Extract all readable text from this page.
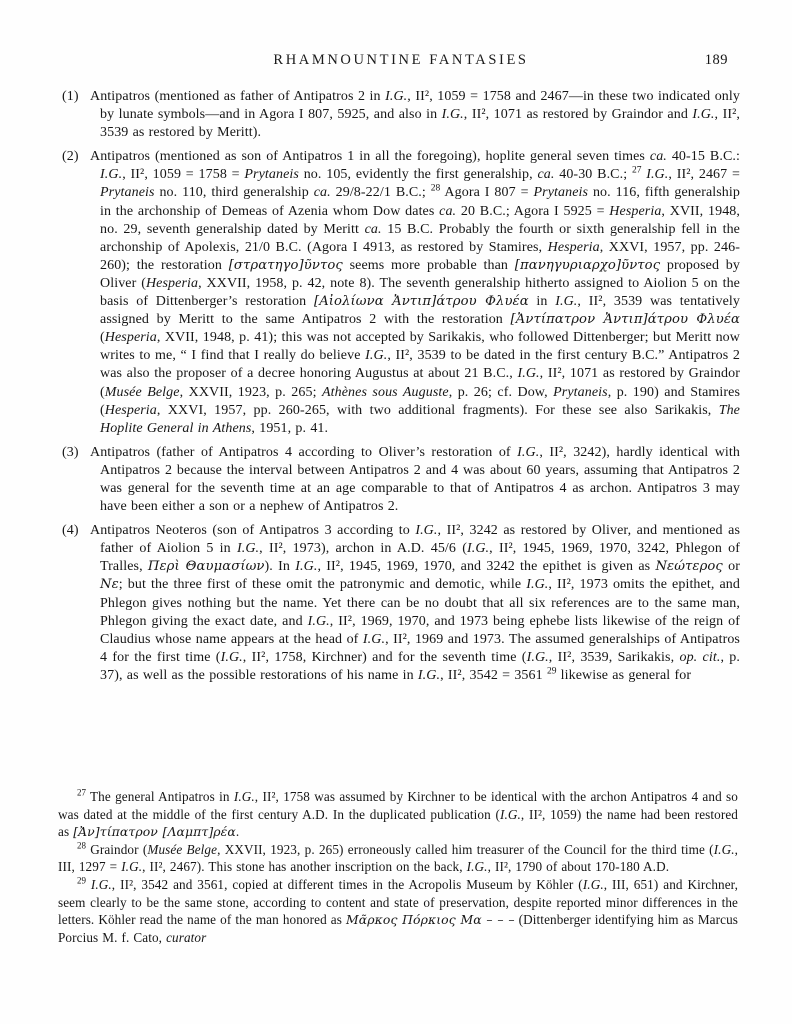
RHAMNOUNTINE FANTASIES	189
(1) Antipatros (mentioned as father of Antipatros 2 in I.G., II², 1059 = 1758 and 2467—in these two indicated only by lunate symbols—and in Agora I 807, 5925, and also in I.G., II², 1071 as restored by Graindor and I.G., II², 3539 as restored by Meritt).

(2) Antipatros (mentioned as son of Antipatros 1 in all the foregoing), hoplite general seven times ca. 40-15 B.C.: I.G., II², 1059 = 1758 = Prytaneis no. 105, evidently the first generalship, ca. 40-30 B.C.; $^{27}$ I.G., II², 2467 = Prytaneis no. 110, third generalship ca. 29/8-22/1 B.C.; $^{28}$ Agora I 807 = Prytaneis no. 116, fifth generalship in the archonship of Demeas of Azenia whom Dow dates ca. 20 B.C.; Agora I 5925 = Hesperia, XVII, 1948, no. 29, seventh generalship dated by Meritt ca. 15 B.C. Probably the fourth or sixth generalship fell in the archonship of Apolexis, 21/0 B.C. (Agora I 4913, as restored by Stamires, Hesperia, XXVI, 1957, pp. 246-260); the restoration [στρατηγο]ῦντος seems more probable than [πανηγυριαρχο]ῦντος proposed by Oliver (Hesperia, XXVII, 1958, p. 42, note 8). The seventh generalship hitherto assigned to Aiolion 5 on the basis of Dittenberger’s restoration [Αἰολίωνα Ἀντιπ]άτρου Φλυέα in I.G., II², 3539 was tentatively assigned by Meritt to the same Antipatros 2 with the restoration [Ἀντίπατρον Ἀντιπ]άτρου Φλυέα (Hesperia, XVII, 1948, p. 41); this was not accepted by Sarikakis, who followed Dittenberger; but Meritt now writes to me, “ I find that I really do believe I.G., II², 3539 to be dated in the first century B.C.” Antipatros 2 was also the proposer of a decree honoring Augustus at about 21 B.C., I.G., II², 1071 as restored by Graindor (Musée Belge, XXVII, 1923, p. 265; Athènes sous Auguste, p. 26; cf. Dow, Prytaneis, p. 190) and Stamires (Hesperia, XXVI, 1957, pp. 260-265, with two additional fragments). For these see also Sarikakis, The Hoplite General in Athens, 1951, p. 41.

(3) Antipatros (father of Antipatros 4 according to Oliver’s restoration of I.G., II², 3242), hardly identical with Antipatros 2 because the interval between Antipatros 2 and 4 was about 60 years, assuming that Antipatros 2 was general for the seventh time at an age comparable to that of Antipatros 4 as archon. Antipatros 3 may have been either a son or a nephew of Antipatros 2.

(4) Antipatros Neoteros (son of Antipatros 3 according to I.G., II², 3242 as restored by Oliver, and mentioned as father of Aiolion 5 in I.G., II², 1973), archon in A.D. 45/6 (I.G., II², 1945, 1969, 1970, 3242, Phlegon of Tralles, Περὶ Θαυμασίων). In I.G., II², 1945, 1969, 1970, and 3242 the epithet is given as Νεώτερος or Νε; but the three first of these omit the patronymic and demotic, while I.G., II², 1973 omits the epithet, and Phlegon gives nothing but the name. Yet there can be no doubt that all six references are to the same man, Phlegon giving the exact date, and I.G., II², 1969, 1970, and 1973 being ephebe lists likewise of the reign of Claudius whose name appears at the head of I.G., II², 1969 and 1973. The assumed generalships of Antipatros 4 for the first time (I.G., II², 1758, Kirchner) and for the seventh time (I.G., II², 3539, Sarikakis, op. cit., p. 37), as well as the possible restorations of his name in I.G., II², 3542 = 3561 $^{29}$ likewise as general for

$^{27}$ The general Antipatros in I.G., II², 1758 was assumed by Kirchner to be identical with the archon Antipatros 4 and so was dated at the middle of the first century A.D. In the duplicated publication (I.G., II², 1059) the name had been restored as [Ἀν]τίπατρον [Λαμπτ]ρέα.

$^{28}$ Graindor (Musée Belge, XXVII, 1923, p. 265) erroneously called him treasurer of the Council for the third time (I.G., III, 1297 = I.G., II², 2467). This stone has another inscription on the back, I.G., II², 1790 of about 170-180 A.D.

$^{29}$ I.G., II², 3542 and 3561, copied at different times in the Acropolis Museum by Köhler (I.G., III, 651) and Kirchner, seem clearly to be the same stone, according to content and state of preservation, despite reported minor differences in the letters. Köhler read the name of the man honored as Μᾶρκος Πόρκιος Μα – – – (Dittenberger identifying him as Marcus Porcius M. f. Cato, curator
